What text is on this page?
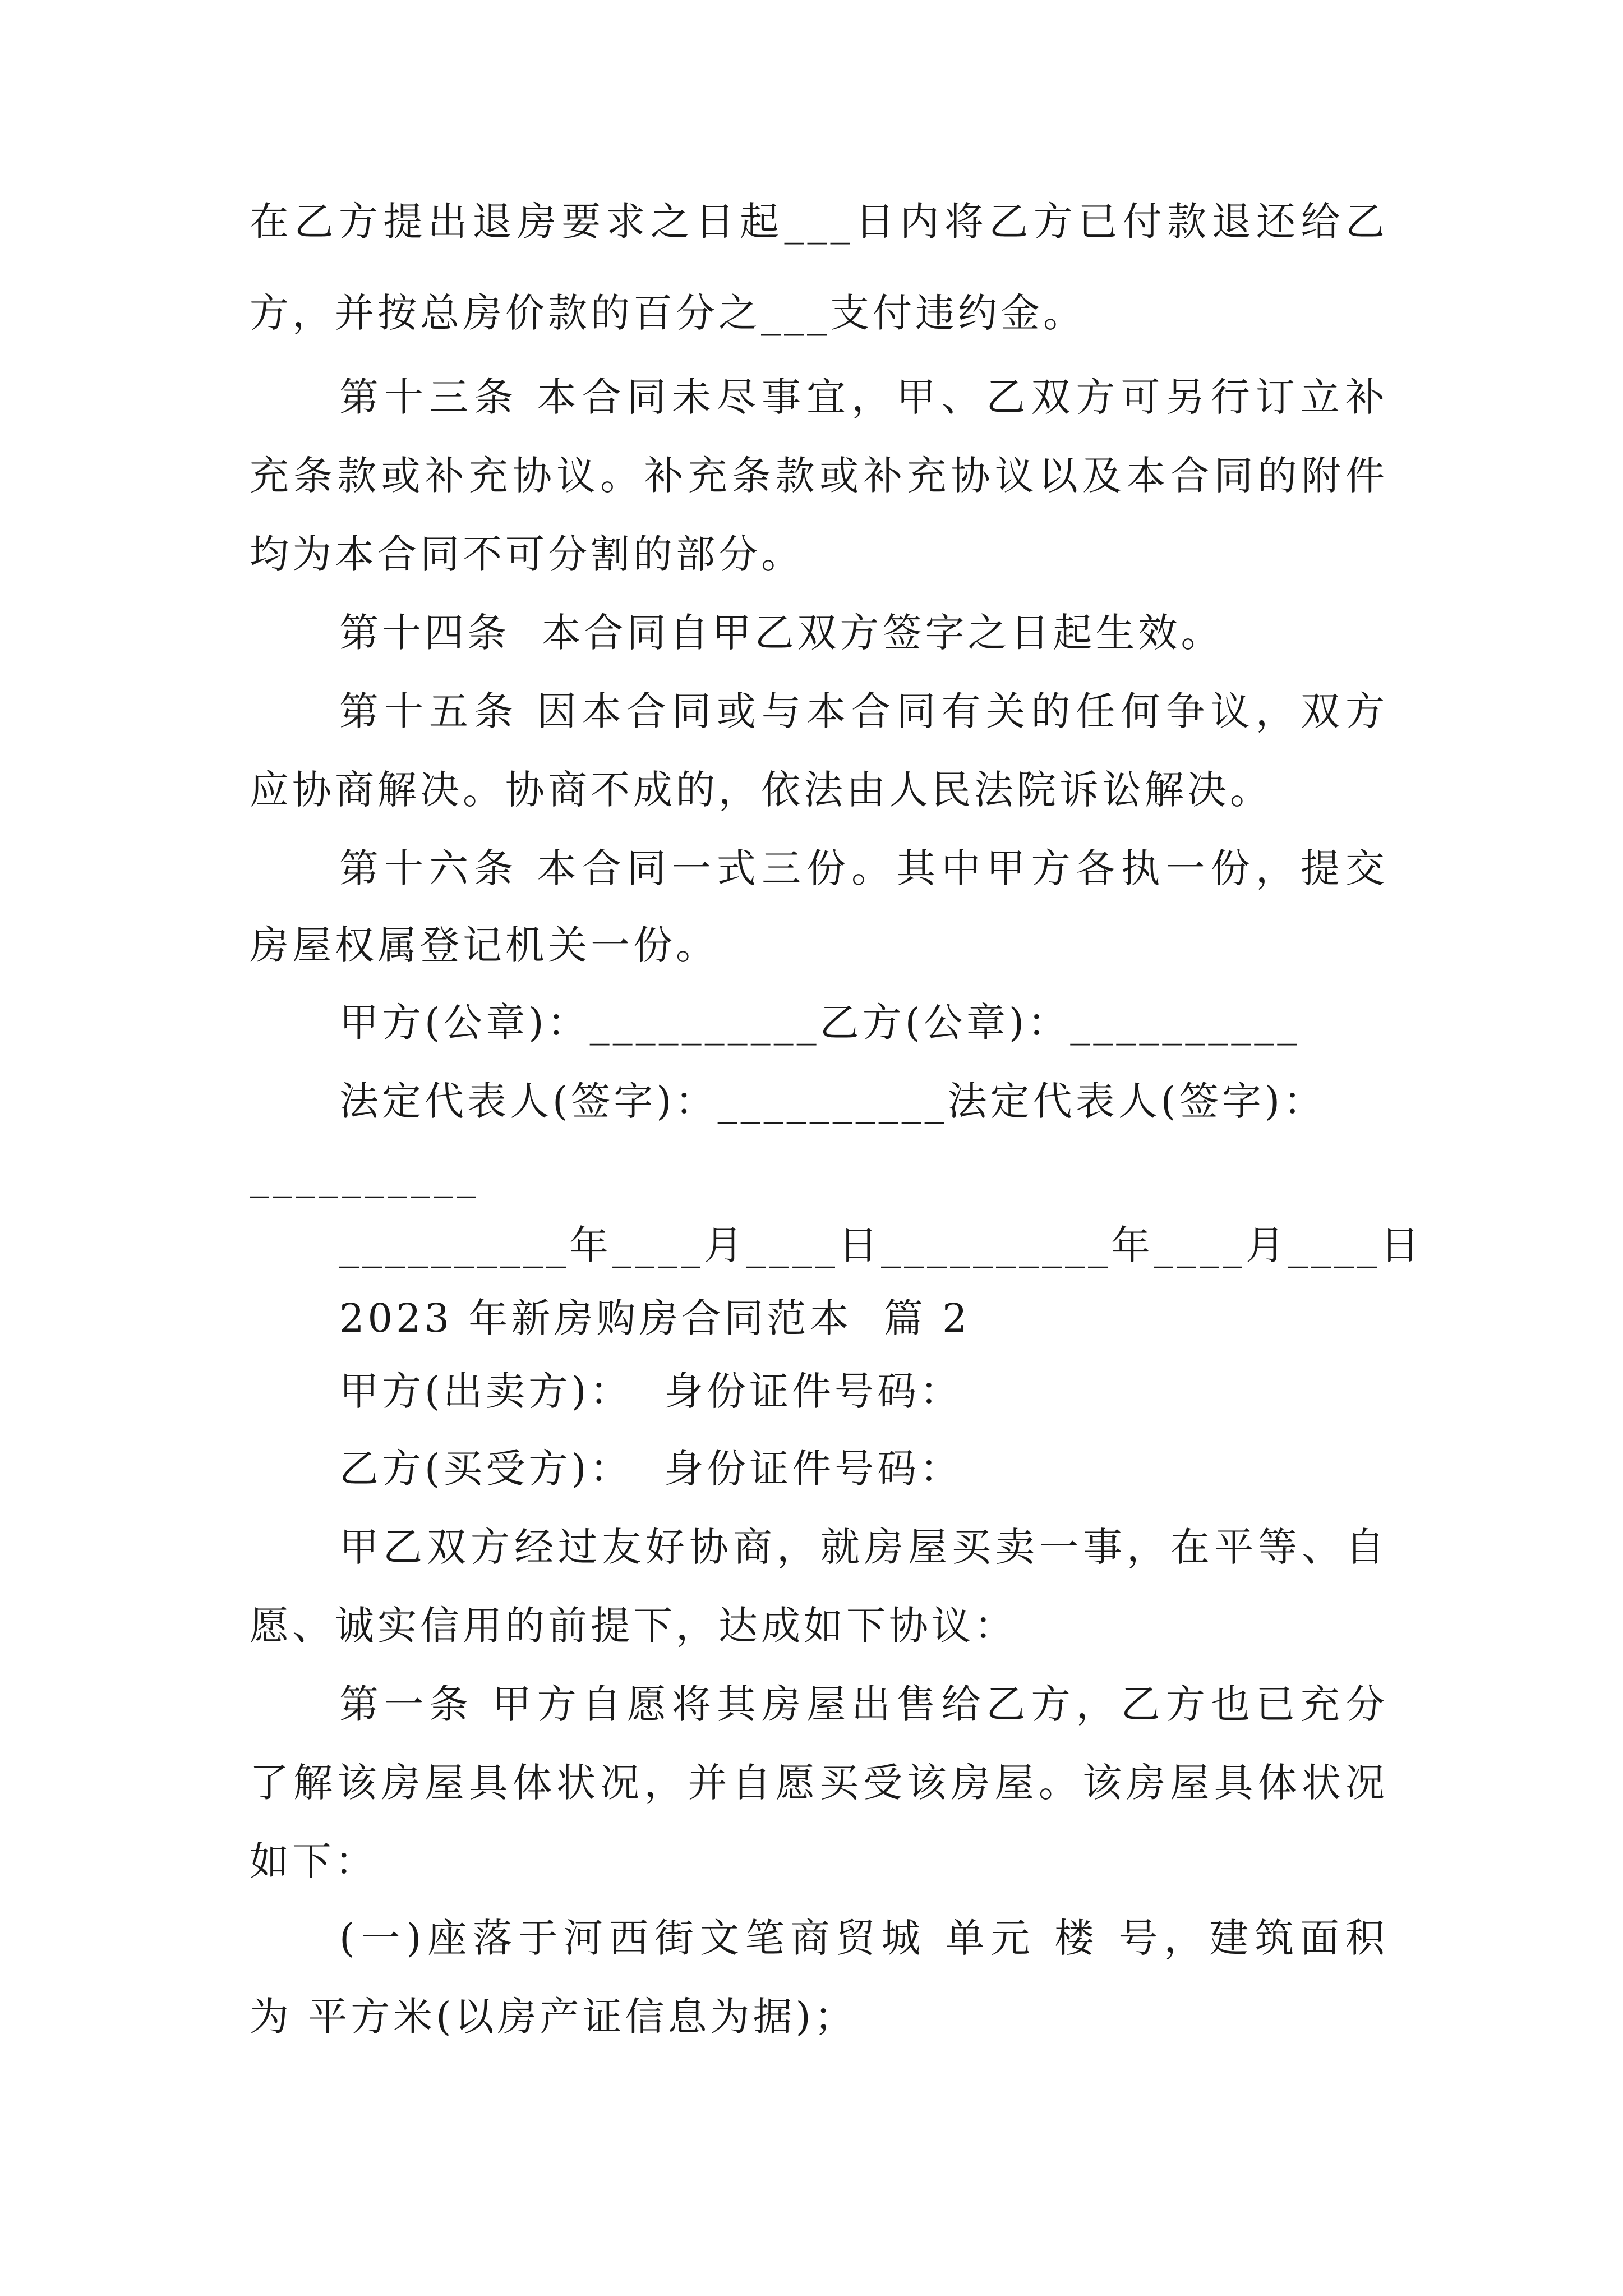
在乙方提出退房要求之日起___日内将乙方已付款退还给乙
方，并按总房价款的百分之___支付违约金。
第十三条 本合同未尽事宜，甲、乙双方可另行订立补
充条款或补充协议。补充条款或补充协议以及本合同的附件
均为本合同不可分割的部分。
第十四条  本合同自甲乙双方签字之日起生效。
第十五条 因本合同或与本合同有关的任何争议，双方
应协商解决。协商不成的，依法由人民法院诉讼解决。
第十六条 本合同一式三份。其中甲方各执一份，提交
房屋权属登记机关一份。
甲方(公章)：__________乙方(公章)：__________
法定代表人(签字)：__________法定代表人(签字)：
__________
__________年____月____日__________年____月____日
2023 年新房购房合同范本  篇 2
甲方(出卖方)：  身份证件号码：
乙方(买受方)：  身份证件号码：
甲乙双方经过友好协商，就房屋买卖一事，在平等、自
愿、诚实信用的前提下，达成如下协议：
第一条 甲方自愿将其房屋出售给乙方，乙方也已充分
了解该房屋具体状况，并自愿买受该房屋。该房屋具体状况
如下：
(一)座落于河西街文笔商贸城 单元 楼 号，建筑面积
为 平方米(以房产证信息为据)；
